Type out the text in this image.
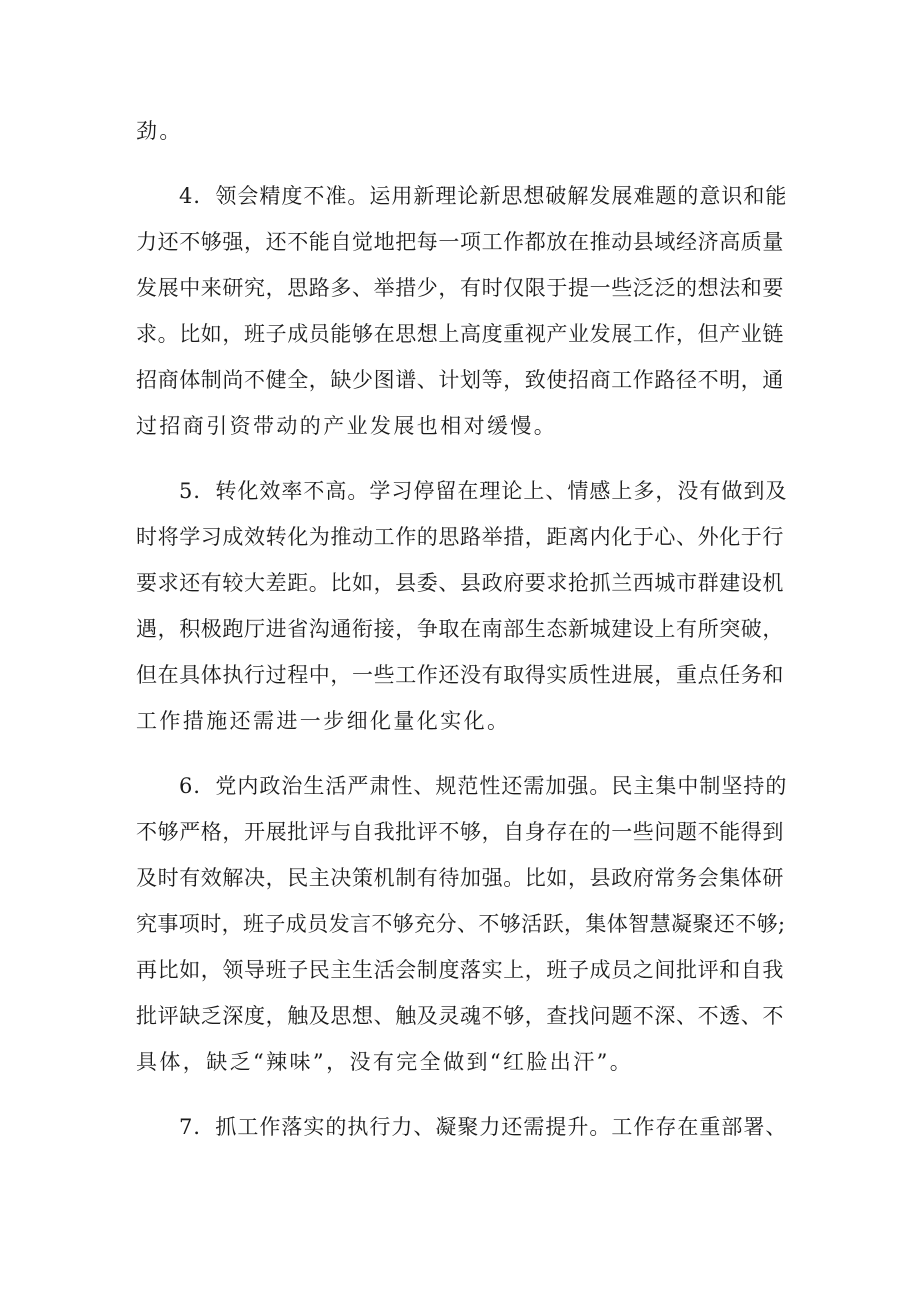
劲。
4．领会精度不准。运用新理论新思想破解发展难题的意识和能
力还不够强，还不能自觉地把每一项工作都放在推动县域经济高质量
发展中来研究，思路多、举措少，有时仅限于提一些泛泛的想法和要
求。比如，班子成员能够在思想上高度重视产业发展工作，但产业链
招商体制尚不健全，缺少图谱、计划等，致使招商工作路径不明，通
过招商引资带动的产业发展也相对缓慢。
5．转化效率不高。学习停留在理论上、情感上多，没有做到及
时将学习成效转化为推动工作的思路举措，距离内化于心、外化于行
要求还有较大差距。比如，县委、县政府要求抢抓兰西城市群建设机
遇，积极跑厅进省沟通衔接，争取在南部生态新城建设上有所突破，
但在具体执行过程中，一些工作还没有取得实质性进展，重点任务和
工作措施还需进一步细化量化实化。
6．党内政治生活严肃性、规范性还需加强。民主集中制坚持的
不够严格，开展批评与自我批评不够，自身存在的一些问题不能得到
及时有效解决，民主决策机制有待加强。比如，县政府常务会集体研
究事项时，班子成员发言不够充分、不够活跃，集体智慧凝聚还不够;
再比如，领导班子民主生活会制度落实上，班子成员之间批评和自我
批评缺乏深度，触及思想、触及灵魂不够，查找问题不深、不透、不
具体，缺乏“辣味”，没有完全做到“红脸出汗”。
7．抓工作落实的执行力、凝聚力还需提升。工作存在重部署、
